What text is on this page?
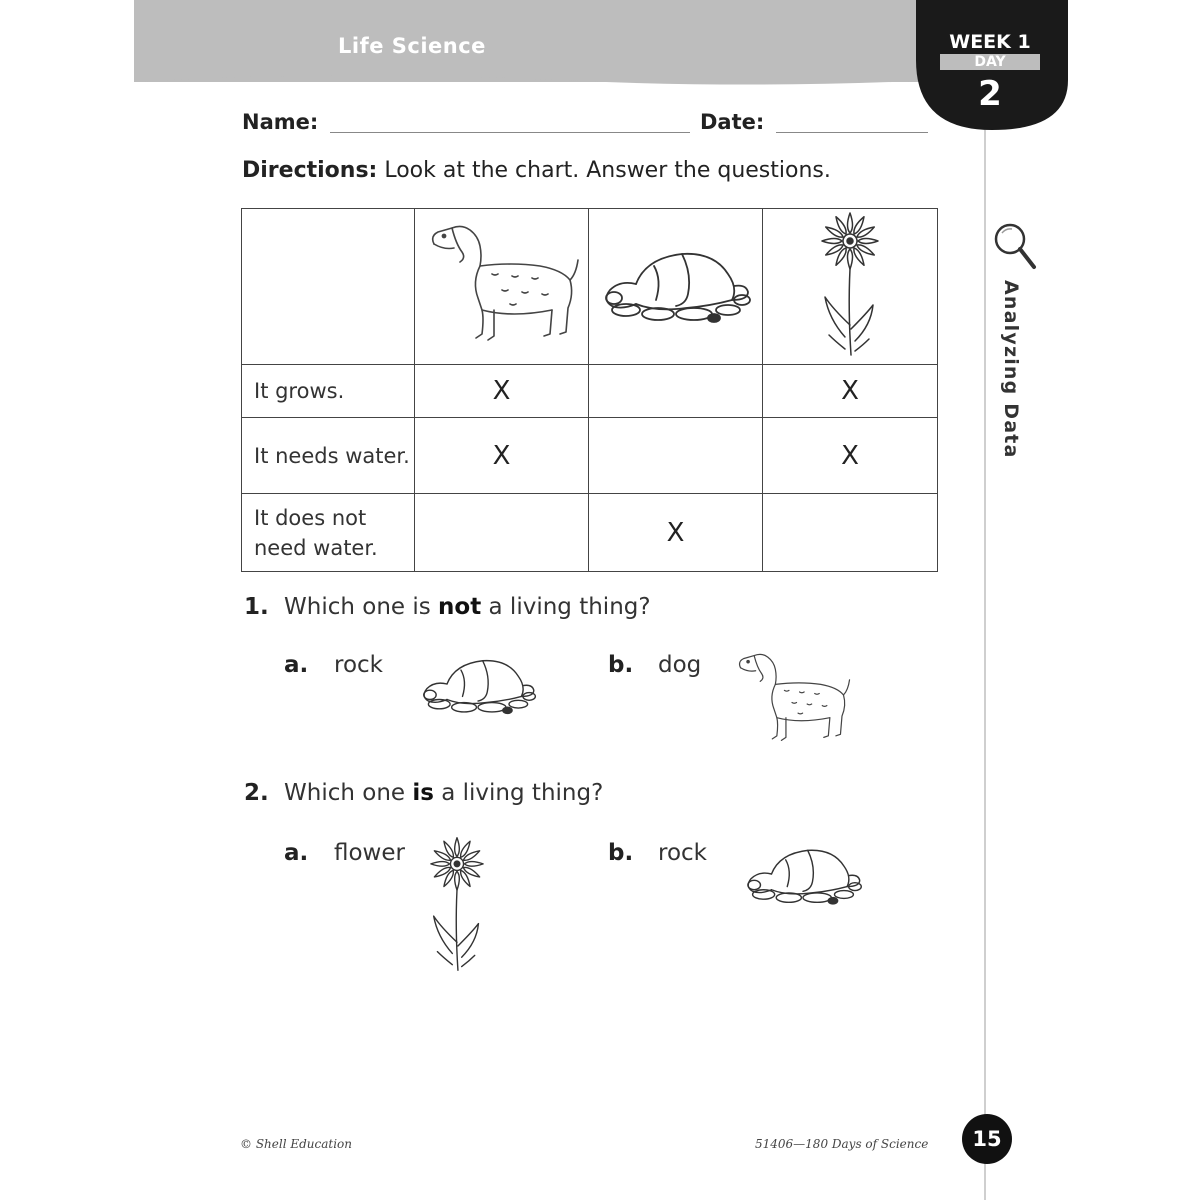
Life Science	WEEK 1
DAY
2
Analyzing Data
Name:	Date:
Directions: Look at the chart. Answer the questions.

It grows.	X		X
It needs water.	X		X
It does not need water.		X	
1. Which one is not a living thing?
a. rock	b. dog
2. Which one is a living thing?
a. flower	b. rock
© Shell Education	51406—180 Days of Science	15
